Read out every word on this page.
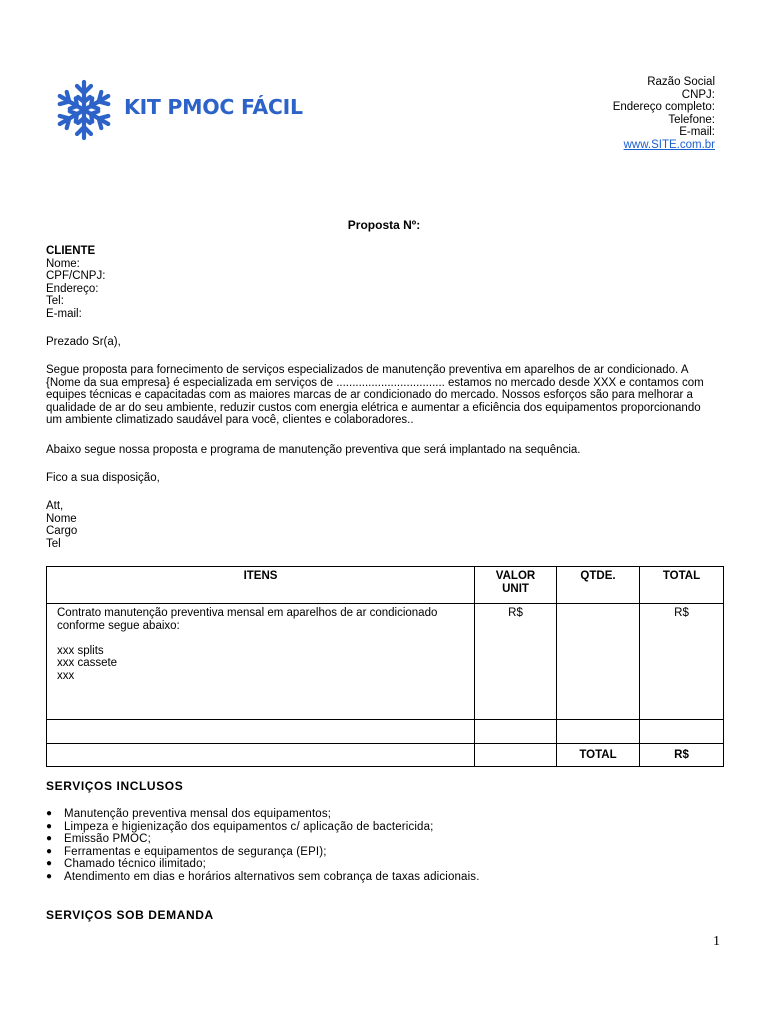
KIT PMOC FÁCIL
Razão Social
CNPJ:
Endereço completo:
Telefone:
E-mail:
www.SITE.com.br
Proposta Nº:
CLIENTE
Nome:
CPF/CNPJ:
Endereço:
Tel:
E-mail:
Prezado Sr(a),
Segue proposta para fornecimento de serviços especializados de manutenção preventiva em aparelhos de ar condicionado. A
{Nome da sua empresa} é especializada em serviços de .................................. estamos no mercado desde XXX e contamos com
equipes técnicas e capacitadas com as maiores marcas de ar condicionado do mercado. Nossos esforços são para melhorar a
qualidade de ar do seu ambiente, reduzir custos com energia elétrica e aumentar a eficiência dos equipamentos proporcionando
um ambiente climatizado saudável para você, clientes e colaboradores..
Abaixo segue nossa proposta e programa de manutenção preventiva que será implantado na sequência.
Fico a sua disposição,
Att,
Nome
Cargo
Tel
ITENS	VALOR UNIT	QTDE.	TOTAL

Contrato manutenção preventiva mensal em aparelhos de ar condicionado
conforme segue abaixo:
xxx splits
xxx cassete
xxx	R$		R$

		TOTAL	R$
SERVIÇOS INCLUSOS
● Manutenção preventiva mensal dos equipamentos;
● Limpeza e higienização dos equipamentos c/ aplicação de bactericida;
● Emissão PMOC;
● Ferramentas e equipamentos de segurança (EPI);
● Chamado técnico ilimitado;
● Atendimento em dias e horários alternativos sem cobrança de taxas adicionais.
SERVIÇOS SOB DEMANDA
1
